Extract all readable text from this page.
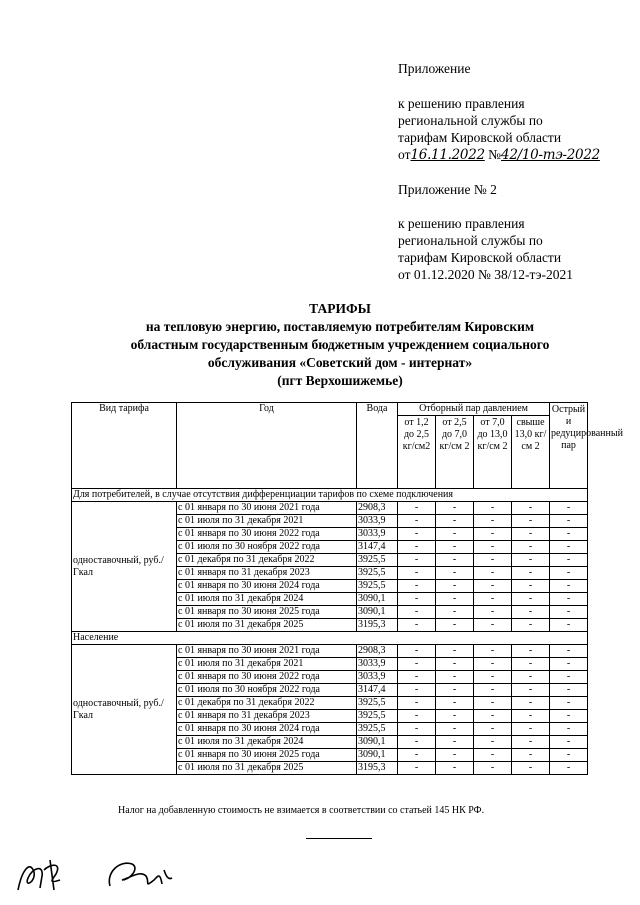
Приложение
к решению правления
региональной службы по
тарифам Кировской области
от16.11.2022 №42/10-тэ-2022
Приложение № 2
к решению правления
региональной службы по
тарифам Кировской области
от 01.12.2020 № 38/12-тэ-2021
ТАРИФЫ
на тепловую энергию, поставляемую потребителям Кировским
областным государственным бюджетным учреждением социального
обслуживания «Советский дом - интернат»
(пгт Верхошижемье)
Вид тарифа	Год	Вода	Отборный пар давлением				Острый и редуцированный пар
			от 1,2 до 2,5 кг/см2	от 2,5 до 7,0 кг/см 2	от 7,0 до 13,0 кг/см 2	свыше 13,0 кг/см 2	
Для потребителей, в случае отсутствия дифференциации тарифов по схеме подключения							
одноставочный, руб./Гкал	с 01 января по 30 июня 2021 года	2908,3	-	-	-	-	-
	с 01 июля по 31 декабря 2021	3033,9	-	-	-	-	-
	с 01 января по 30 июня 2022 года	3033,9	-	-	-	-	-
	с 01 июля по 30 ноября 2022 года	3147,4	-	-	-	-	-
	с 01 декабря по 31 декабря 2022	3925,5	-	-	-	-	-
	с 01 января по 31 декабря 2023	3925,5	-	-	-	-	-
	с 01 января по 30 июня 2024 года	3925,5	-	-	-	-	-
	с 01 июля по 31 декабря 2024	3090,1	-	-	-	-	-
	с 01 января по 30 июня 2025 года	3090,1	-	-	-	-	-
	с 01 июля по 31 декабря 2025	3195,3	-	-	-	-	-
Население							
одноставочный, руб./Гкал	с 01 января по 30 июня 2021 года	2908,3	-	-	-	-	-
	с 01 июля по 31 декабря 2021	3033,9	-	-	-	-	-
	с 01 января по 30 июня 2022 года	3033,9	-	-	-	-	-
	с 01 июля по 30 ноября 2022 года	3147,4	-	-	-	-	-
	с 01 декабря по 31 декабря 2022	3925,5	-	-	-	-	-
	с 01 января по 31 декабря 2023	3925,5	-	-	-	-	-
	с 01 января по 30 июня 2024 года	3925,5	-	-	-	-	-
	с 01 июля по 31 декабря 2024	3090,1	-	-	-	-	-
	с 01 января по 30 июня 2025 года	3090,1	-	-	-	-	-
	с 01 июля по 31 декабря 2025	3195,3	-	-	-	-	-
Налог на добавленную стоимость не взимается в соответствии со статьей 145 НК РФ.
